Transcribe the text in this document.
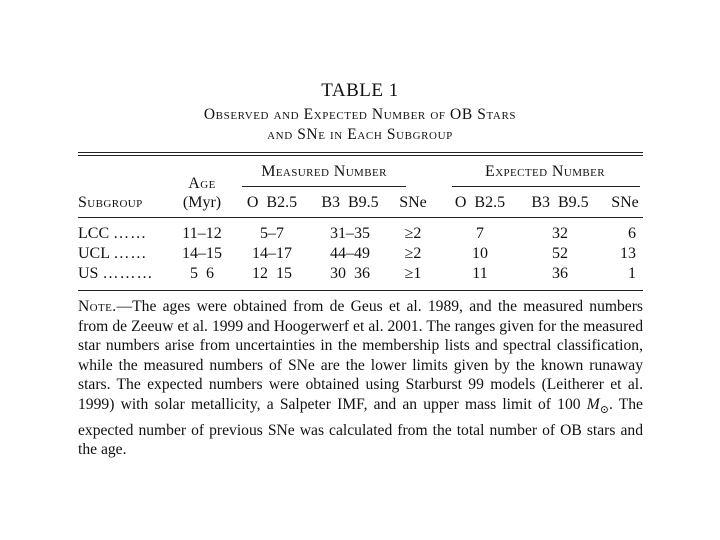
TABLE 1
Observed and Expected Number of OB Stars
and SNe in Each Subgroup
Age
Measured Number	Expected Number
Subgroup	(Myr)	O  B2.5	B3  B9.5	SNe	O  B2.5	B3  B9.5	SNe
LCC ……	11–12	5–7	31–35	≥2	7	32	6
UCL ……	14–15	14–17	44–49	≥2	10	52	13
US ………	5  6	12  15	30  36	≥1	11	36	1
Note.—The ages were obtained from de Geus et al. 1989, and the measured numbers from de Zeeuw et al. 1999 and Hoogerwerf et al. 2001. The ranges given for the measured star numbers arise from uncertainties in the membership lists and spectral classification, while the measured numbers of SNe are the lower limits given by the known runaway stars. The expected numbers were obtained using Starburst 99 models (Leitherer et al. 1999) with solar metallicity, a Salpeter IMF, and an upper mass limit of 100 $M_⊙$. The expected number of previous SNe was calculated from the total number of OB stars and the age.
